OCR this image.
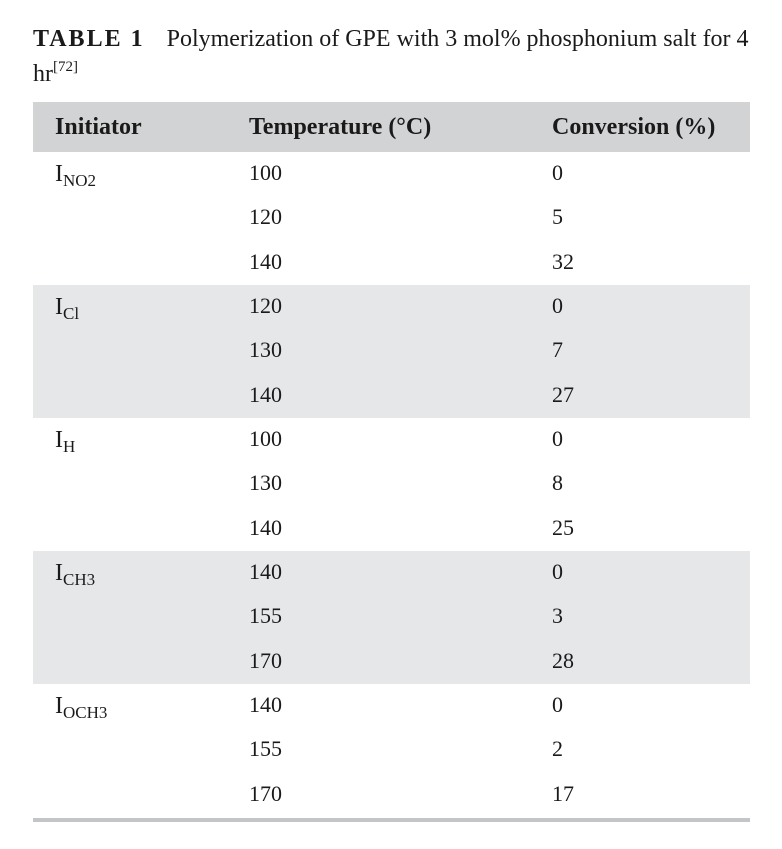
TABLE 1 Polymerization of GPE with 3 mol% phosphonium salt for 4 hr[72]
Initiator	Temperature (°C)	Conversion (%)
$I_{NO2}$	100	0
120	5
140	32
$I_{Cl}$	120	0
130	7
140	27
$I_H$	100	0
130	8
140	25
$I_{CH3}$	140	0
155	3
170	28
$I_{OCH3}$	140	0
155	2
170	17
